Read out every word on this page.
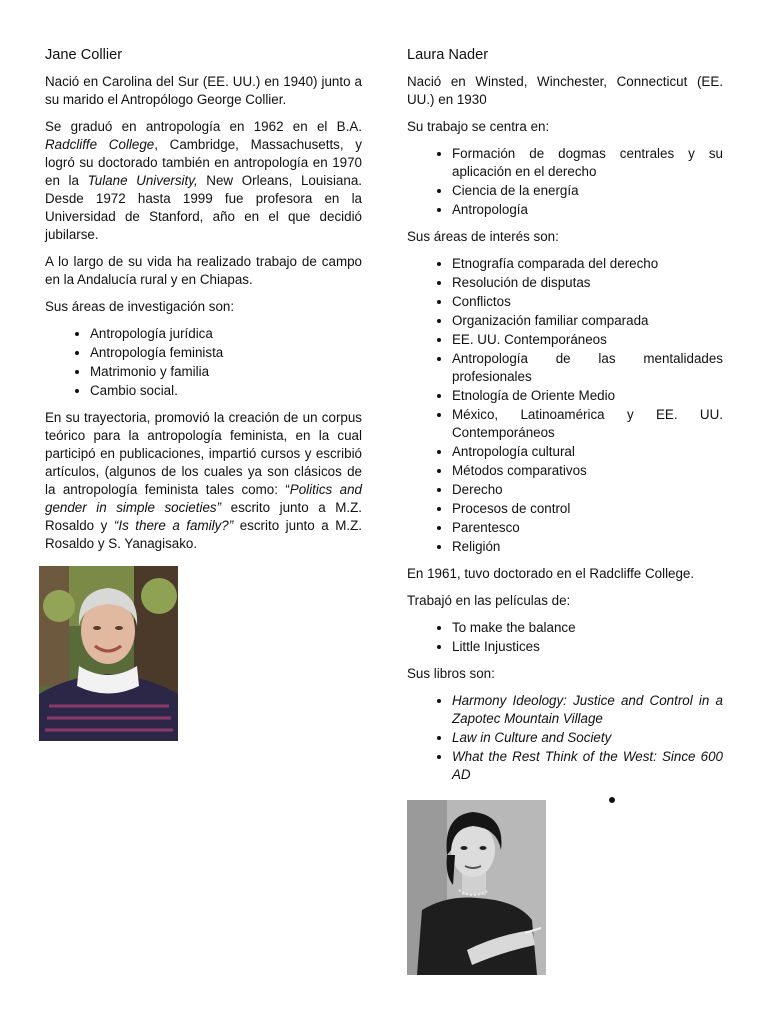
Jane Collier

Nació en Carolina del Sur (EE. UU.) en 1940) junto a su marido el Antropólogo George Collier.

Se graduó en antropología en 1962 en el B.A. Radcliffe College, Cambridge, Massachusetts, y logró su doctorado también en antropología en 1970 en la Tulane University, New Orleans, Louisiana. Desde 1972 hasta 1999 fue profesora en la Universidad de Stanford, año en el que decidió jubilarse.

A lo largo de su vida ha realizado trabajo de campo en la Andalucía rural y en Chiapas.

Sus áreas de investigación son:

• Antropología jurídica
• Antropología feminista
• Matrimonio y familia
• Cambio social.

En su trayectoria, promovió la creación de un corpus teórico para la antropología feminista, en la cual participó en publicaciones, impartió cursos y escribió artículos, (algunos de los cuales ya son clásicos de la antropología feminista tales como: “Politics and gender in simple societies” escrito junto a M.Z. Rosaldo y “Is there a family?” escrito junto a M.Z. Rosaldo y S. Yanagisako.

Laura Nader

Nació en Winsted, Winchester, Connecticut (EE. UU.) en 1930

Su trabajo se centra en:

• Formación de dogmas centrales y su aplicación en el derecho
• Ciencia de la energía
• Antropología

Sus áreas de interés son:

• Etnografía comparada del derecho
• Resolución de disputas
• Conflictos
• Organización familiar comparada
• EE. UU. Contemporáneos
• Antropología de las mentalidades profesionales
• Etnología de Oriente Medio
• México, Latinoamérica y EE. UU. Contemporáneos
• Antropología cultural
• Métodos comparativos
• Derecho
• Procesos de control
• Parentesco
• Religión

En 1961, tuvo doctorado en el Radcliffe College.

Trabajó en las películas de:

• To make the balance
• Little Injustices

Sus libros son:

• Harmony Ideology: Justice and Control in a Zapotec Mountain Village
• Law in Culture and Society
• What the Rest Think of the West: Since 600 AD
